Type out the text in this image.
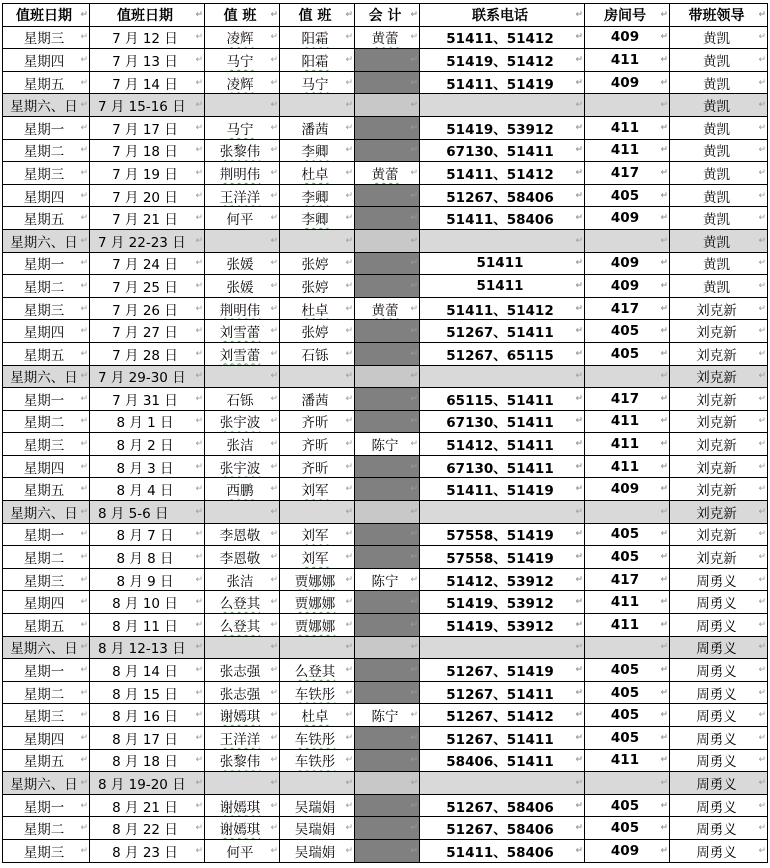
值班日期 ↵	值班日期 ↵	值 班 ↵	值 班 ↵	会 计 ↵	联系电话 ↵	房间号 ↵	带班领导 ↵
星期三 ↵	7 月 12 日 ↵	凌辉 ↵	阳霜 ↵	黄蕾 ↵	51411、51412 ↵	409 ↵	黄凯 ↵
星期四 ↵	7 月 13 日 ↵	马宁 ↵	阳霜 ↵	↵	51419、51412 ↵	411 ↵	黄凯 ↵
星期五 ↵	7 月 14 日 ↵	凌辉 ↵	马宁 ↵	↵	51411、51419 ↵	409 ↵	黄凯 ↵
星期六、日 ↵	7 月 15-16 日 ↵	↵	↵	↵	↵	↵	黄凯 ↵
星期一 ↵	7 月 17 日 ↵	马宁 ↵	潘茜 ↵	↵	51419、53912 ↵	411 ↵	黄凯 ↵
星期二 ↵	7 月 18 日 ↵	张黎伟 ↵	李卿 ↵	↵	67130、51411 ↵	411 ↵	黄凯 ↵
星期三 ↵	7 月 19 日 ↵	荆明伟 ↵	杜卓 ↵	黄蕾 ↵	51411、51412 ↵	417 ↵	黄凯 ↵
星期四 ↵	7 月 20 日 ↵	王洋洋 ↵	李卿 ↵	↵	51267、58406 ↵	405 ↵	黄凯 ↵
星期五 ↵	7 月 21 日 ↵	何平 ↵	李卿 ↵	↵	51411、58406 ↵	409 ↵	黄凯 ↵
星期六、日 ↵	7 月 22-23 日 ↵	↵	↵	↵	↵	↵	黄凯 ↵
星期一 ↵	7 月 24 日 ↵	张媛 ↵	张婷 ↵	↵	51411 ↵	409 ↵	黄凯 ↵
星期二 ↵	7 月 25 日 ↵	张媛 ↵	张婷 ↵	↵	51411 ↵	409 ↵	黄凯 ↵
星期三 ↵	7 月 26 日 ↵	荆明伟 ↵	杜卓 ↵	黄蕾 ↵	51411、51412 ↵	417 ↵	刘克新 ↵
星期四 ↵	7 月 27 日 ↵	刘雪蕾 ↵	张婷 ↵	↵	51267、51411 ↵	405 ↵	刘克新 ↵
星期五 ↵	7 月 28 日 ↵	刘雪蕾 ↵	石铄 ↵	↵	51267、65115 ↵	405 ↵	刘克新 ↵
星期六、日 ↵	7 月 29-30 日 ↵	↵	↵	↵	↵	↵	刘克新 ↵
星期一 ↵	7 月 31 日 ↵	石铄 ↵	潘茜 ↵	↵	65115、51411 ↵	417 ↵	刘克新 ↵
星期二 ↵	8 月 1 日 ↵	张宇波 ↵	齐昕 ↵	↵	67130、51411 ↵	411 ↵	刘克新 ↵
星期三 ↵	8 月 2 日 ↵	张洁 ↵	齐昕 ↵	陈宁 ↵	51412、51411 ↵	411 ↵	刘克新 ↵
星期四 ↵	8 月 3 日 ↵	张宇波 ↵	齐昕 ↵	↵	67130、51411 ↵	411 ↵	刘克新 ↵
星期五 ↵	8 月 4 日 ↵	西鹏 ↵	刘军 ↵	↵	51411、51419 ↵	409 ↵	刘克新 ↵
星期六、日 ↵	8 月 5-6 日 ↵	↵	↵	↵	↵	↵	刘克新 ↵
星期一 ↵	8 月 7 日 ↵	李恩敬 ↵	刘军 ↵	↵	57558、51419 ↵	405 ↵	刘克新 ↵
星期二 ↵	8 月 8 日 ↵	李恩敬 ↵	刘军 ↵	↵	57558、51419 ↵	405 ↵	刘克新 ↵
星期三 ↵	8 月 9 日 ↵	张洁 ↵	贾娜娜 ↵	陈宁 ↵	51412、53912 ↵	417 ↵	周勇义 ↵
星期四 ↵	8 月 10 日 ↵	么登其 ↵	贾娜娜 ↵	↵	51419、53912 ↵	411 ↵	周勇义 ↵
星期五 ↵	8 月 11 日 ↵	么登其 ↵	贾娜娜 ↵	↵	51419、53912 ↵	411 ↵	周勇义 ↵
星期六、日 ↵	8 月 12-13 日 ↵	↵	↵	↵	↵	↵	周勇义 ↵
星期一 ↵	8 月 14 日 ↵	张志强 ↵	么登其 ↵	↵	51267、51419 ↵	405 ↵	周勇义 ↵
星期二 ↵	8 月 15 日 ↵	张志强 ↵	车铁彤 ↵	↵	51267、51411 ↵	405 ↵	周勇义 ↵
星期三 ↵	8 月 16 日 ↵	谢嫣琪 ↵	杜卓 ↵	陈宁 ↵	51267、51412 ↵	405 ↵	周勇义 ↵
星期四 ↵	8 月 17 日 ↵	王洋洋 ↵	车铁彤 ↵	↵	51267、51411 ↵	405 ↵	周勇义 ↵
星期五 ↵	8 月 18 日 ↵	张黎伟 ↵	车铁彤 ↵	↵	58406、51411 ↵	411 ↵	周勇义 ↵
星期六、日 ↵	8 月 19-20 日 ↵	↵	↵	↵	↵	↵	周勇义 ↵
星期一 ↵	8 月 21 日 ↵	谢嫣琪 ↵	吴瑞娟 ↵	↵	51267、58406 ↵	405 ↵	周勇义 ↵
星期二 ↵	8 月 22 日 ↵	谢嫣琪 ↵	吴瑞娟 ↵	↵	51267、58406 ↵	405 ↵	周勇义 ↵
星期三 ↵	8 月 23 日 ↵	何平 ↵	吴瑞娟 ↵	↵	51411、58406 ↵	409 ↵	周勇义 ↵
